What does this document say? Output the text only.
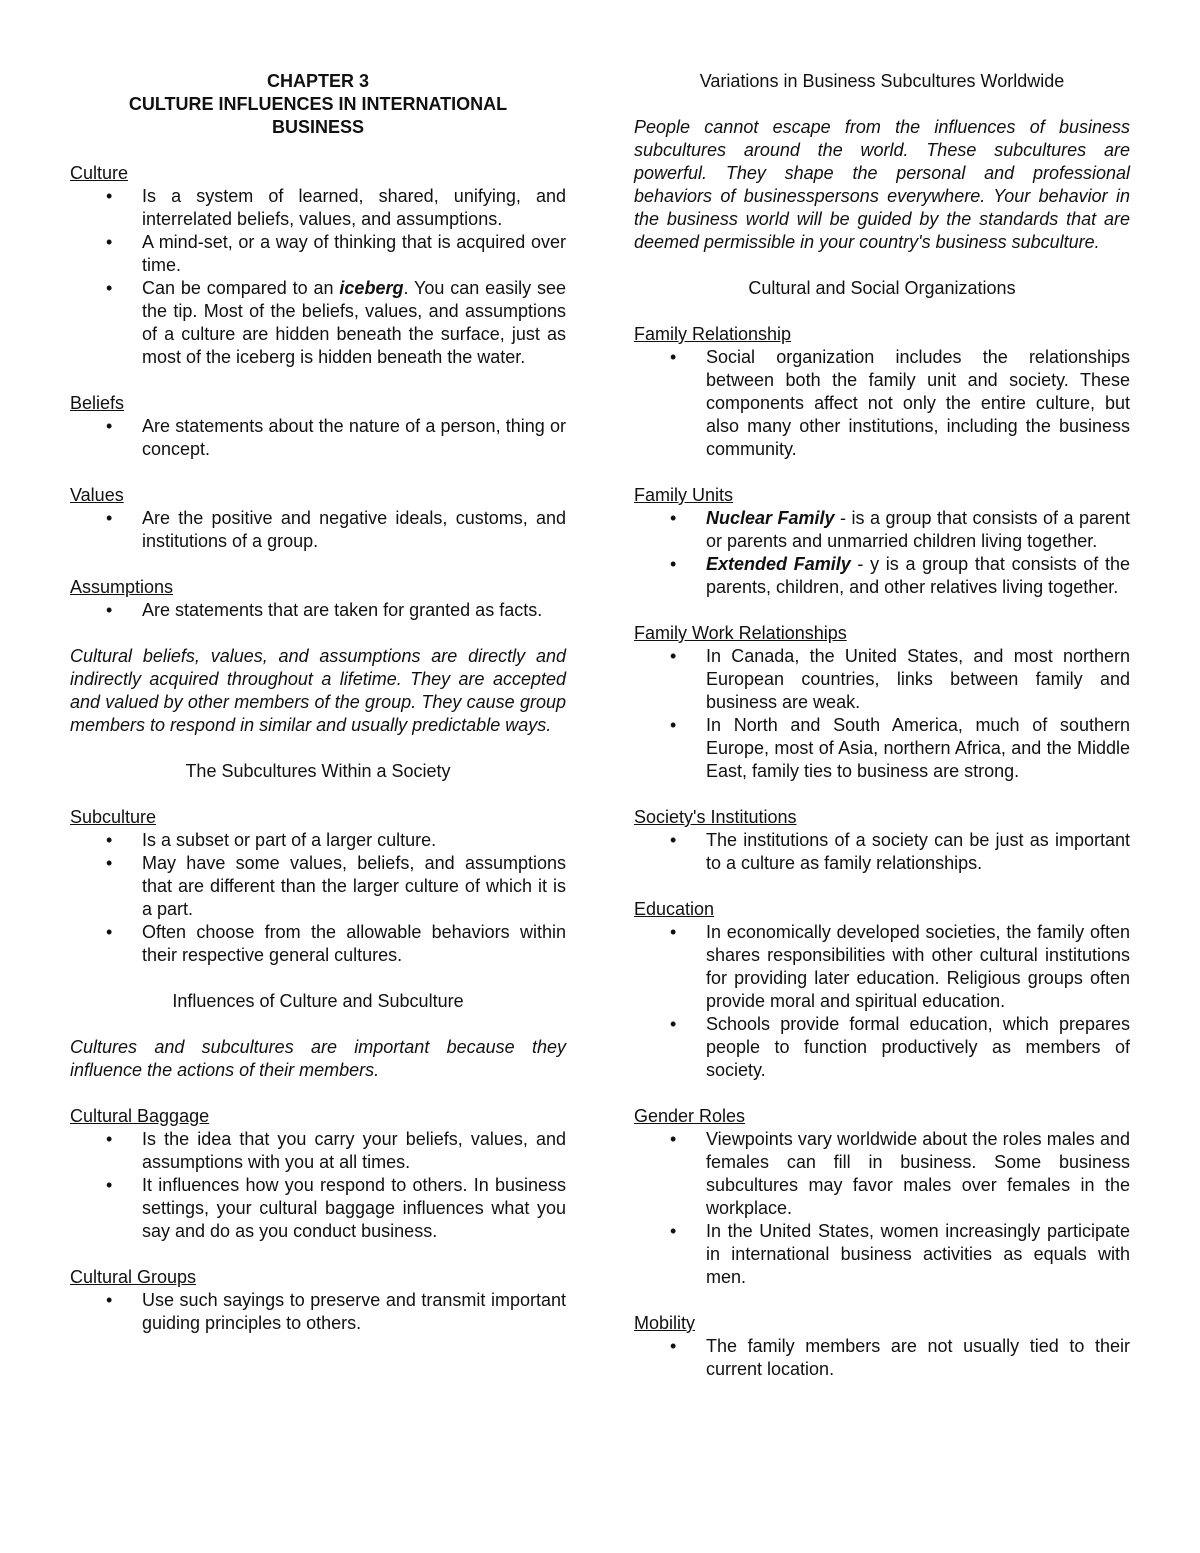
CHAPTER 3
CULTURE INFLUENCES IN INTERNATIONAL
BUSINESS
Culture
• Is a system of learned, shared, unifying, and interrelated beliefs, values, and assumptions.
• A mind-set, or a way of thinking that is acquired over time.
• Can be compared to an iceberg. You can easily see the tip. Most of the beliefs, values, and assumptions of a culture are hidden beneath the surface, just as most of the iceberg is hidden beneath the water.
Beliefs
• Are statements about the nature of a person, thing or concept.
Values
• Are the positive and negative ideals, customs, and institutions of a group.
Assumptions
• Are statements that are taken for granted as facts.
Cultural beliefs, values, and assumptions are directly and indirectly acquired throughout a lifetime. They are accepted and valued by other members of the group. They cause group members to respond in similar and usually predictable ways.
The Subcultures Within a Society
Subculture
• Is a subset or part of a larger culture.
• May have some values, beliefs, and assumptions that are different than the larger culture of which it is a part.
• Often choose from the allowable behaviors within their respective general cultures.
Influences of Culture and Subculture
Cultures and subcultures are important because they influence the actions of their members.
Cultural Baggage
• Is the idea that you carry your beliefs, values, and assumptions with you at all times.
• It influences how you respond to others. In business settings, your cultural baggage influences what you say and do as you conduct business.
Cultural Groups
• Use such sayings to preserve and transmit important guiding principles to others.
Variations in Business Subcultures Worldwide
People cannot escape from the influences of business subcultures around the world. These subcultures are powerful. They shape the personal and professional behaviors of businesspersons everywhere. Your behavior in the business world will be guided by the standards that are deemed permissible in your country's business subculture.
Cultural and Social Organizations
Family Relationship
• Social organization includes the relationships between both the family unit and society. These components affect not only the entire culture, but also many other institutions, including the business community.
Family Units
• Nuclear Family - is a group that consists of a parent or parents and unmarried children living together.
• Extended Family - y is a group that consists of the parents, children, and other relatives living together.
Family Work Relationships
• In Canada, the United States, and most northern European countries, links between family and business are weak.
• In North and South America, much of southern Europe, most of Asia, northern Africa, and the Middle East, family ties to business are strong.
Society's Institutions
• The institutions of a society can be just as important to a culture as family relationships.
Education
• In economically developed societies, the family often shares responsibilities with other cultural institutions for providing later education. Religious groups often provide moral and spiritual education.
• Schools provide formal education, which prepares people to function productively as members of society.
Gender Roles
• Viewpoints vary worldwide about the roles males and females can fill in business. Some business subcultures may favor males over females in the workplace.
• In the United States, women increasingly participate in international business activities as equals with men.
Mobility
• The family members are not usually tied to their current location.
